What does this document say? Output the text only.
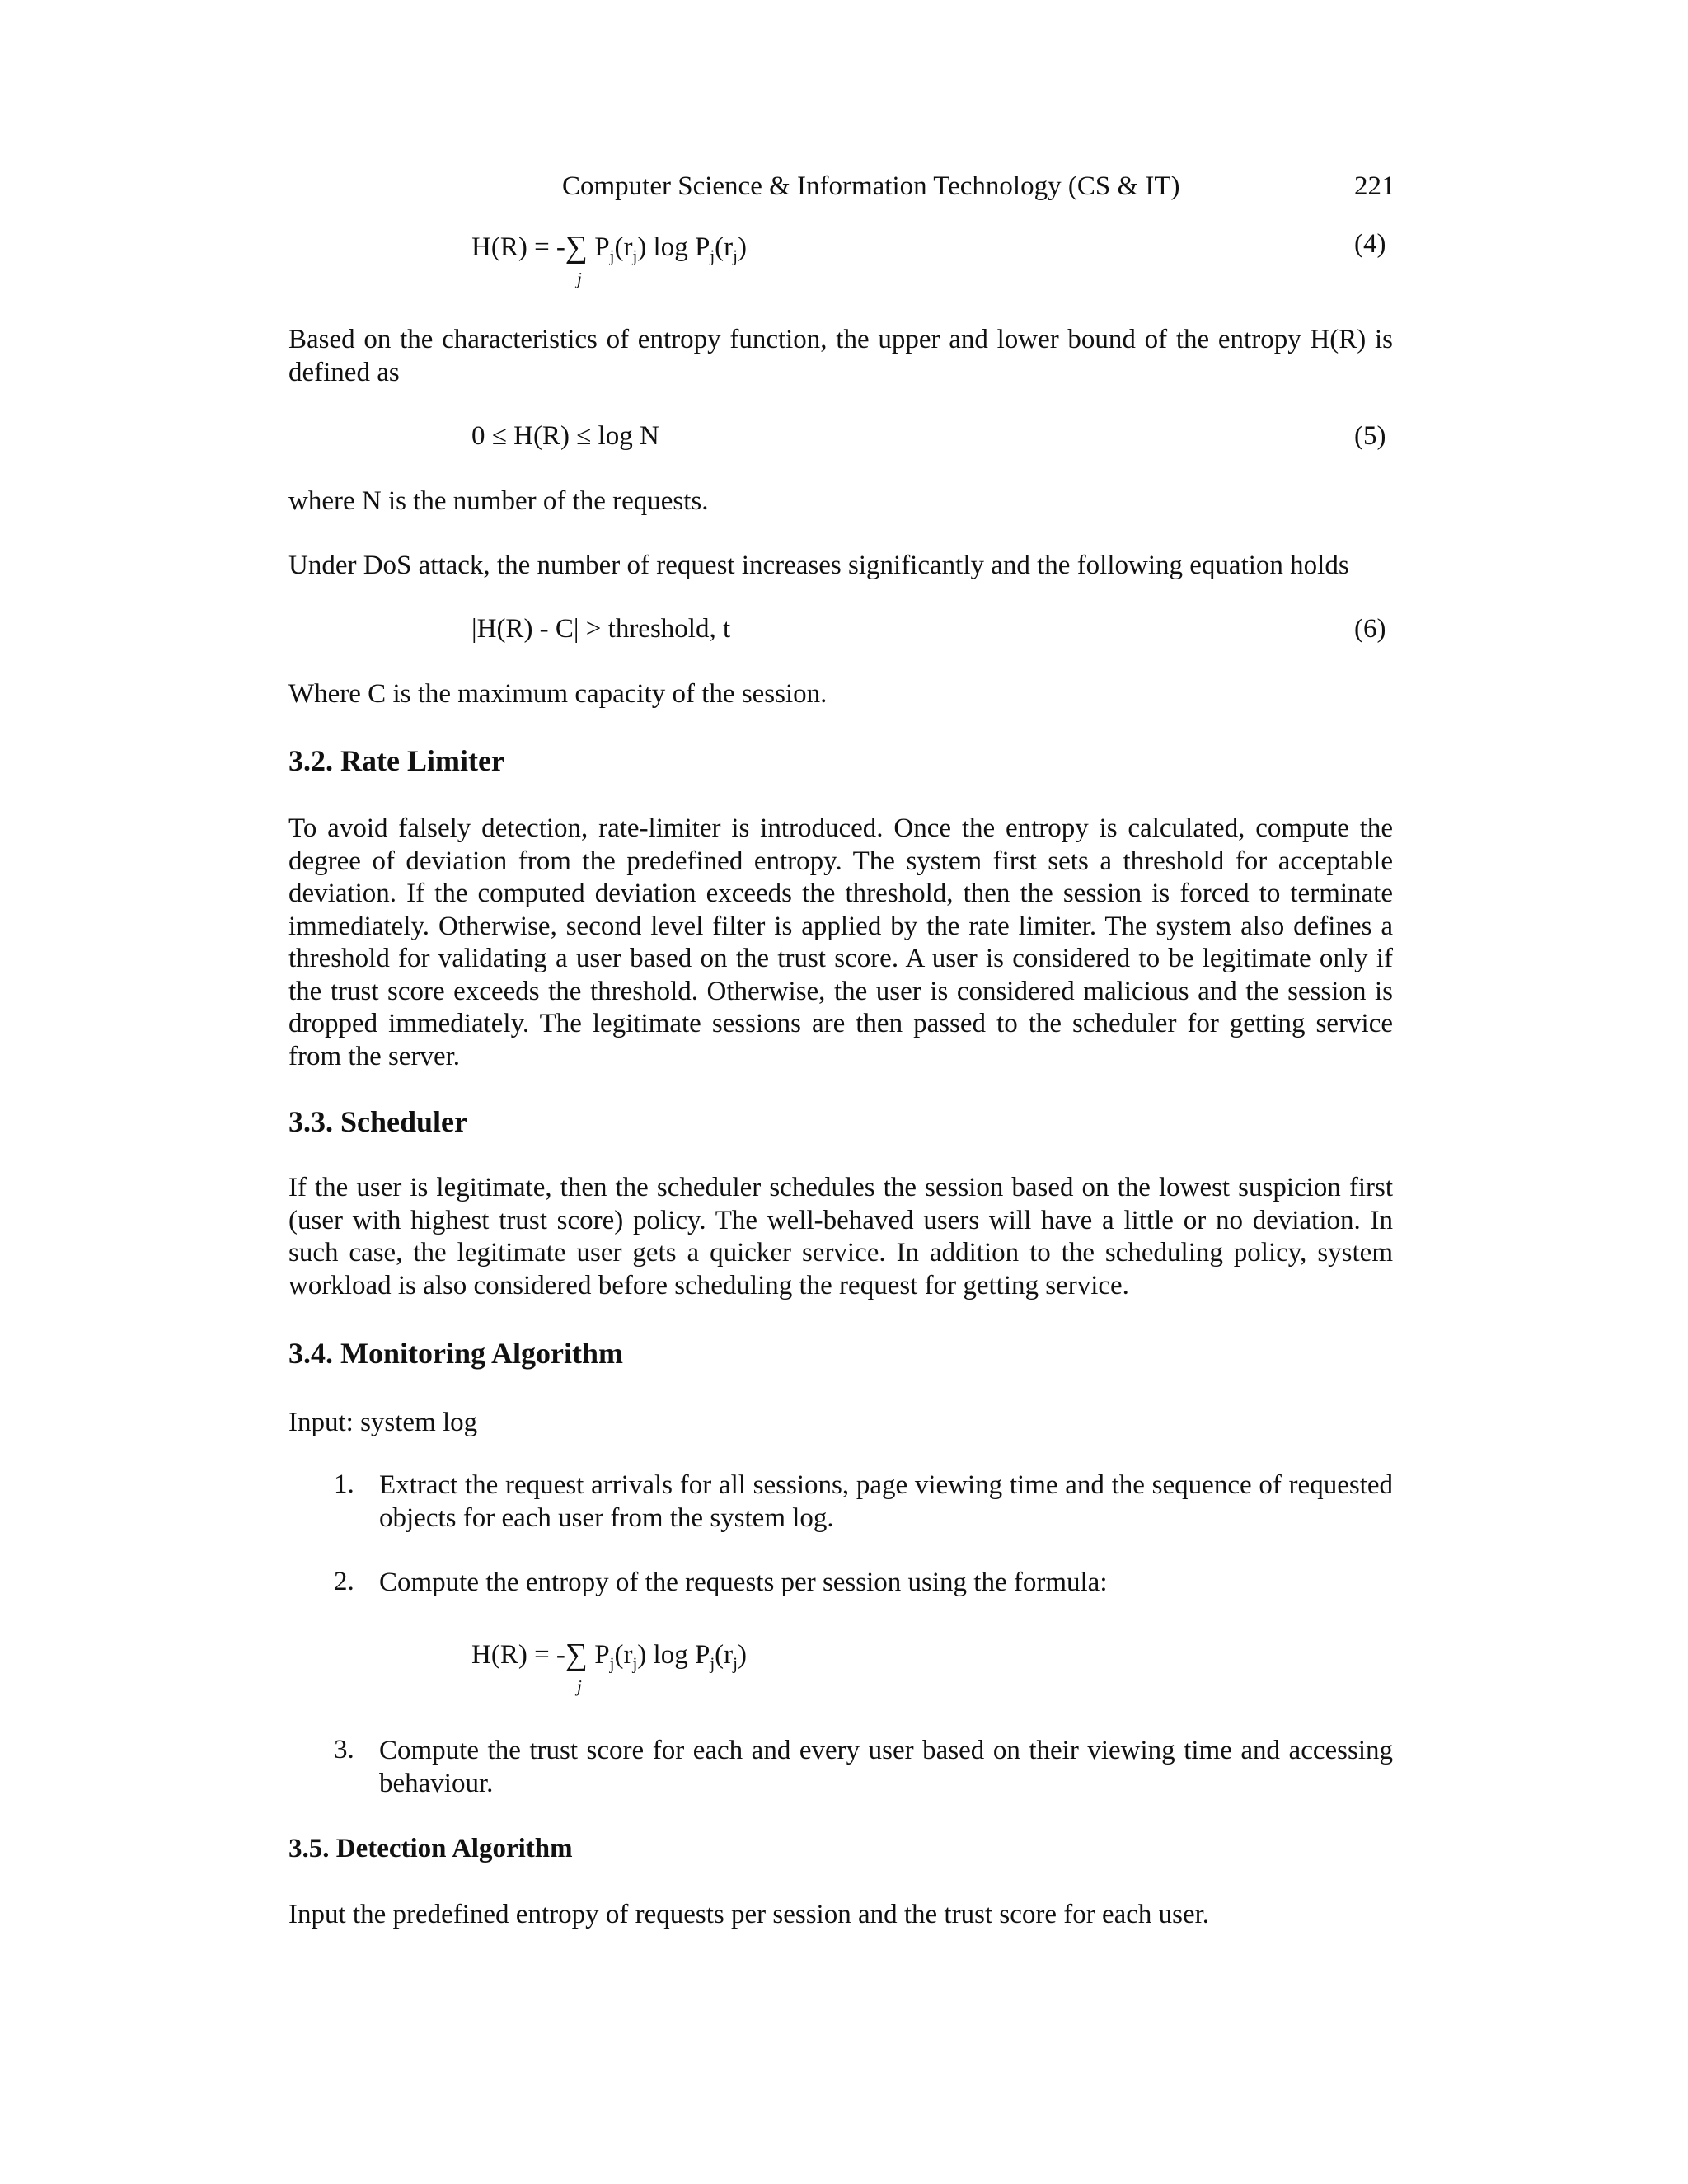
Computer Science & Information Technology (CS & IT)	221
H(R) = -∑ $P_j(r_j)$ $\log P_j(r_j)$
j
(4)
Based on the characteristics of entropy function, the upper and lower bound of the entropy H(R) is defined as
0 ≤ H(R) ≤ log N	(5)
where N is the number of the requests.
Under DoS attack, the number of request increases significantly and the following equation holds
|H(R) - C| > threshold, t	(6)
Where C is the maximum capacity of the session.
3.2. Rate Limiter
To avoid falsely detection, rate-limiter is introduced. Once the entropy is calculated, compute the degree of deviation from the predefined entropy. The system first sets a threshold for acceptable deviation. If the computed deviation exceeds the threshold, then the session is forced to terminate immediately. Otherwise, second level filter is applied by the rate limiter. The system also defines a threshold for validating a user based on the trust score. A user is considered to be legitimate only if the trust score exceeds the threshold. Otherwise, the user is considered malicious and the session is dropped immediately. The legitimate sessions are then passed to the scheduler for getting service from the server.
3.3. Scheduler
If the user is legitimate, then the scheduler schedules the session based on the lowest suspicion first (user with highest trust score) policy. The well-behaved users will have a little or no deviation. In such case, the legitimate user gets a quicker service. In addition to the scheduling policy, system workload is also considered before scheduling the request for getting service.
3.4. Monitoring Algorithm
Input: system log
1. Extract the request arrivals for all sessions, page viewing time and the sequence of requested objects for each user from the system log.
2. Compute the entropy of the requests per session using the formula:
H(R) = -∑ $P_j(r_j)$ $\log P_j(r_j)$
j
3. Compute the trust score for each and every user based on their viewing time and accessing behaviour.
3.5. Detection Algorithm
Input the predefined entropy of requests per session and the trust score for each user.
